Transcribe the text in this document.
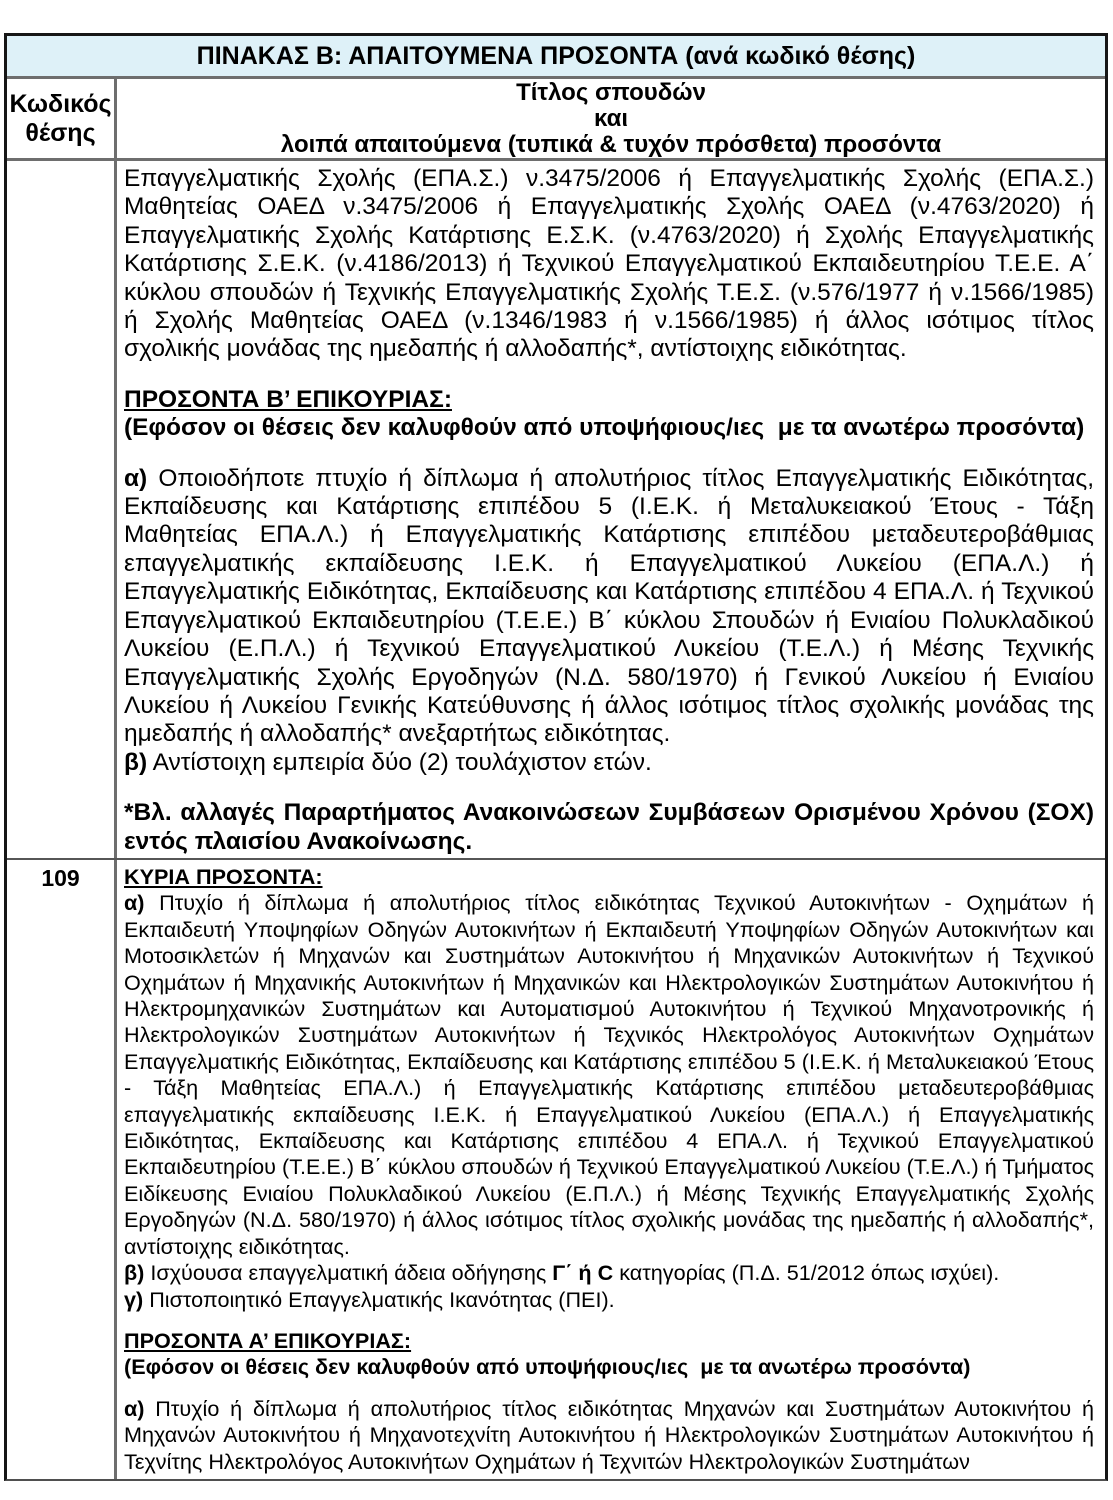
ΠΙΝΑΚΑΣ Β: ΑΠΑΙΤΟΥΜΕΝΑ ΠΡΟΣΟΝΤΑ (ανά κωδικό θέσης)
Κωδικός θέσης
Τίτλος σπουδών
και
λοιπά απαιτούμενα (τυπικά & τυχόν πρόσθετα) προσόντα
Επαγγελματικής Σχολής (ΕΠΑ.Σ.) ν.3475/2006 ή Επαγγελματικής Σχολής (ΕΠΑ.Σ.) Μαθητείας ΟΑΕΔ ν.3475/2006 ή Επαγγελματικής Σχολής ΟΑΕΔ (ν.4763/2020) ή Επαγγελματικής Σχολής Κατάρτισης Ε.Σ.Κ. (ν.4763/2020) ή Σχολής Επαγγελματικής Κατάρτισης Σ.Ε.Κ. (ν.4186/2013) ή Τεχνικού Επαγγελματικού Εκπαιδευτηρίου Τ.Ε.Ε. Α΄ κύκλου σπουδών ή Τεχνικής Επαγγελματικής Σχολής Τ.Ε.Σ. (ν.576/1977 ή ν.1566/1985) ή Σχολής Μαθητείας ΟΑΕΔ (ν.1346/1983 ή ν.1566/1985) ή άλλος ισότιμος τίτλος σχολικής μονάδας της ημεδαπής ή αλλοδαπής*, αντίστοιχης ειδικότητας.
ΠΡΟΣΟΝΤΑ Β’ ΕΠΙΚΟΥΡΙΑΣ:
(Εφόσον οι θέσεις δεν καλυφθούν από υποψήφιους/ιες  με τα ανωτέρω προσόντα)
α) Οποιοδήποτε πτυχίο ή δίπλωμα ή απολυτήριος τίτλος Επαγγελματικής Ειδικότητας, Εκπαίδευσης και Κατάρτισης επιπέδου 5 (Ι.Ε.Κ. ή Μεταλυκειακού Έτους - Τάξη Μαθητείας ΕΠΑ.Λ.) ή Επαγγελματικής Κατάρτισης επιπέδου μεταδευτεροβάθμιας επαγγελματικής εκπαίδευσης Ι.Ε.Κ. ή Επαγγελματικού Λυκείου (ΕΠΑ.Λ.) ή Επαγγελματικής Ειδικότητας, Εκπαίδευσης και Κατάρτισης επιπέδου 4 ΕΠΑ.Λ. ή Τεχνικού Επαγγελματικού Εκπαιδευτηρίου (Τ.Ε.Ε.) Β΄ κύκλου Σπουδών ή Ενιαίου Πολυκλαδικού Λυκείου (Ε.Π.Λ.) ή Τεχνικού Επαγγελματικού Λυκείου (Τ.Ε.Λ.) ή Μέσης Τεχνικής Επαγγελματικής Σχολής Εργοδηγών (Ν.Δ. 580/1970) ή Γενικού Λυκείου ή Ενιαίου Λυκείου ή Λυκείου Γενικής Κατεύθυνσης ή άλλος ισότιμος τίτλος σχολικής μονάδας της ημεδαπής ή αλλοδαπής* ανεξαρτήτως ειδικότητας.
β) Αντίστοιχη εμπειρία δύο (2) τουλάχιστον ετών.
*Βλ. αλλαγές Παραρτήματος Ανακοινώσεων Συμβάσεων Ορισμένου Χρόνου (ΣΟΧ) εντός πλαισίου Ανακοίνωσης.
109	ΚΥΡΙΑ ΠΡΟΣΟΝΤΑ:
α) Πτυχίο ή δίπλωμα ή απολυτήριος τίτλος ειδικότητας Τεχνικού Αυτοκινήτων - Οχημάτων ή Εκπαιδευτή Υποψηφίων Οδηγών Αυτοκινήτων ή Εκπαιδευτή Υποψηφίων Οδηγών Αυτοκινήτων και Μοτοσικλετών ή Μηχανών και Συστημάτων Αυτοκινήτου ή Μηχανικών Αυτοκινήτων ή Τεχνικού Οχημάτων ή Μηχανικής Αυτοκινήτων ή Μηχανικών και Ηλεκτρολογικών Συστημάτων Αυτοκινήτου ή Ηλεκτρομηχανικών Συστημάτων και Αυτοματισμού Αυτοκινήτου ή Τεχνικού Μηχανοτρονικής ή Ηλεκτρολογικών Συστημάτων Αυτοκινήτων ή Τεχνικός Ηλεκτρολόγος Αυτοκινήτων Οχημάτων Επαγγελματικής Ειδικότητας, Εκπαίδευσης και Κατάρτισης επιπέδου 5 (Ι.Ε.Κ. ή Μεταλυκειακού Έτους - Τάξη Μαθητείας ΕΠΑ.Λ.) ή Επαγγελματικής Κατάρτισης επιπέδου μεταδευτεροβάθμιας επαγγελματικής εκπαίδευσης Ι.Ε.Κ. ή Επαγγελματικού Λυκείου (ΕΠΑ.Λ.) ή Επαγγελματικής Ειδικότητας, Εκπαίδευσης και Κατάρτισης επιπέδου 4 ΕΠΑ.Λ. ή Τεχνικού Επαγγελματικού Εκπαιδευτηρίου (Τ.Ε.Ε.) Β΄ κύκλου σπουδών ή Τεχνικού Επαγγελματικού Λυκείου (Τ.Ε.Λ.) ή Τμήματος Ειδίκευσης Ενιαίου Πολυκλαδικού Λυκείου (Ε.Π.Λ.) ή Μέσης Τεχνικής Επαγγελματικής Σχολής Εργοδηγών (Ν.Δ. 580/1970) ή άλλος ισότιμος τίτλος σχολικής μονάδας της ημεδαπής ή αλλοδαπής*, αντίστοιχης ειδικότητας.
β) Ισχύουσα επαγγελματική άδεια οδήγησης Γ΄ ή C κατηγορίας (Π.Δ. 51/2012 όπως ισχύει).
γ) Πιστοποιητικό Επαγγελματικής Ικανότητας (ΠΕΙ).
ΠΡΟΣΟΝΤΑ Α’ ΕΠΙΚΟΥΡΙΑΣ:
(Εφόσον οι θέσεις δεν καλυφθούν από υποψήφιους/ιες  με τα ανωτέρω προσόντα)
α) Πτυχίο ή δίπλωμα ή απολυτήριος τίτλος ειδικότητας Μηχανών και Συστημάτων Αυτοκινήτου ή Μηχανών Αυτοκινήτου ή Μηχανοτεχνίτη Αυτοκινήτου ή Ηλεκτρολογικών Συστημάτων Αυτοκινήτου ή Τεχνίτης Ηλεκτρολόγος Αυτοκινήτων Οχημάτων ή Τεχνιτών Ηλεκτρολογικών Συστημάτων
